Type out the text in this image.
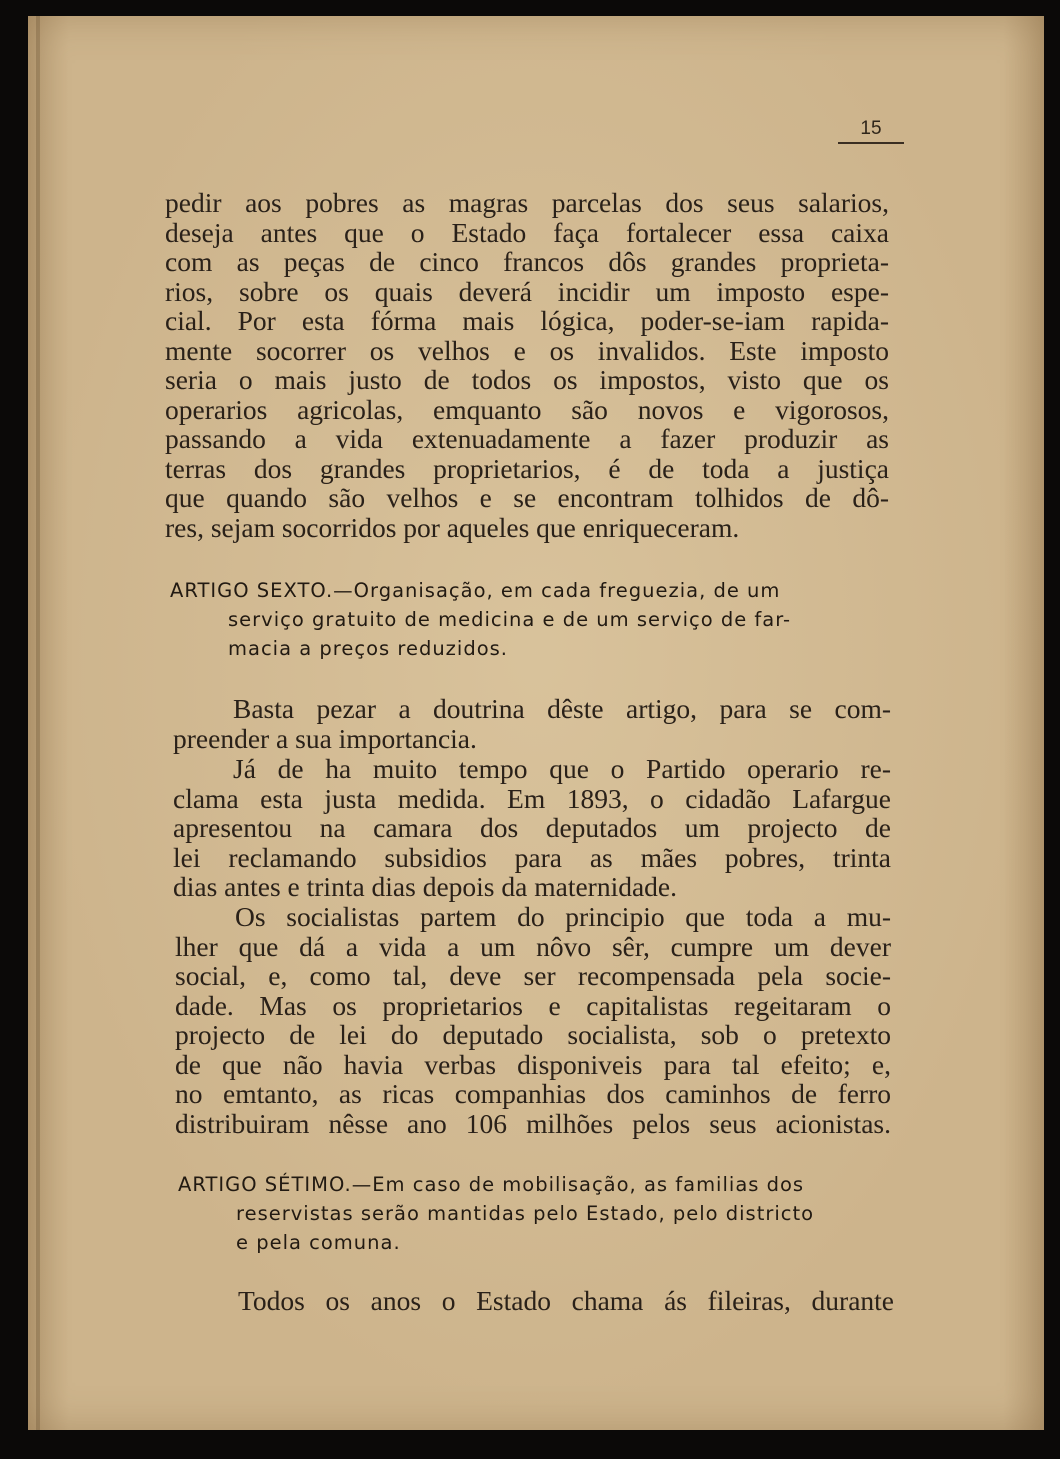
15
pedir aos pobres as magras parcelas dos seus salarios,
deseja antes que o Estado faça fortalecer essa caixa
com as peças de cinco francos dôs grandes proprieta-
rios, sobre os quais deverá incidir um imposto espe-
cial. Por esta fórma mais lógica, poder-se-iam rapida-
mente socorrer os velhos e os invalidos. Este imposto
seria o mais justo de todos os impostos, visto que os
operarios agricolas, emquanto são novos e vigorosos,
passando a vida extenuadamente a fazer produzir as
terras dos grandes proprietarios, é de toda a justiça
que quando são velhos e se encontram tolhidos de dô-
res, sejam socorridos por aqueles que enriqueceram.
ARTIGO SEXTO.—Organisação, em cada freguezia, de um
serviço gratuito de medicina e de um serviço de far-
macia a preços reduzidos.
Basta pezar a doutrina dêste artigo, para se com-
preender a sua importancia.
Já de ha muito tempo que o Partido operario re-
clama esta justa medida. Em 1893, o cidadão Lafargue
apresentou na camara dos deputados um projecto de
lei reclamando subsidios para as mães pobres, trinta
dias antes e trinta dias depois da maternidade.
Os socialistas partem do principio que toda a mu-
lher que dá a vida a um nôvo sêr, cumpre um dever
social, e, como tal, deve ser recompensada pela socie-
dade. Mas os proprietarios e capitalistas regeitaram o
projecto de lei do deputado socialista, sob o pretexto
de que não havia verbas disponiveis para tal efeito; e,
no emtanto, as ricas companhias dos caminhos de ferro
distribuiram nêsse ano 106 milhões pelos seus acionistas.
ARTIGO SÉTIMO.—Em caso de mobilisação, as familias dos
reservistas serão mantidas pelo Estado, pelo districto
e pela comuna.
Todos os anos o Estado chama ás fileiras, durante
